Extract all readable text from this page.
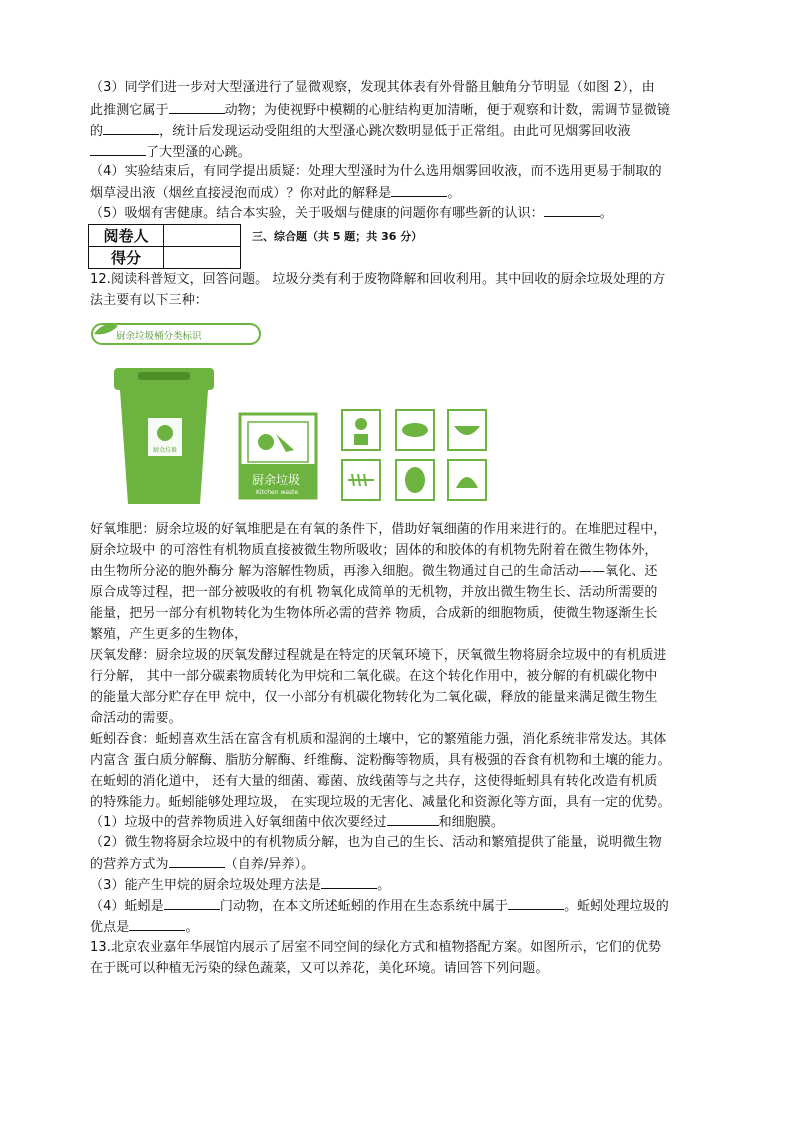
（3）同学们进一步对大型溞进行了显微观察，发现其体表有外骨骼且触角分节明显（如图 2），由
此推测它属于	动物；为使视野中模糊的心脏结构更加清晰，便于观察和计数，需调节显微镜
的	，统计后发现运动受阻组的大型溞心跳次数明显低于正常组。由此可见烟雾回收液
了大型溞的心跳。
（4）实验结束后，有同学提出质疑：处理大型溞时为什么选用烟雾回收液，而不选用更易于制取的
烟草浸出液（烟丝直接浸泡而成）？你对此的解释是	。
（5）吸烟有害健康。结合本实验，关于吸烟与健康的问题你有哪些新的认识：	。
阅卷人	
得分	
三、综合题（共 5 题；共 36 分）
12.阅读科普短文，回答问题。 垃圾分类有利于废物降解和回收利用。其中回收的厨余垃圾处理的方
法主要有以下三种：
厨余垃圾桶分类标识
厨余垃圾
厨余垃圾
Kitchen waste
好氧堆肥：厨余垃圾的好氧堆肥是在有氧的条件下，借助好氧细菌的作用来进行的。在堆肥过程中，
厨余垃圾中 的可溶性有机物质直接被微生物所吸收；固体的和胶体的有机物先附着在微生物体外，
由生物所分泌的胞外酶分 解为溶解性物质，再渗入细胞。微生物通过自己的生命活动——氧化、还
原合成等过程，把一部分被吸收的有机 物氧化成简单的无机物，并放出微生物生长、活动所需要的
能量，把另一部分有机物转化为生物体所必需的营养 物质，合成新的细胞物质，使微生物逐渐生长
繁殖，产生更多的生物体，
厌氧发酵：厨余垃圾的厌氧发酵过程就是在特定的厌氧环境下，厌氧微生物将厨余垃圾中的有机质进
行分解， 其中一部分碳素物质转化为甲烷和二氧化碳。在这个转化作用中，被分解的有机碳化物中
的能量大部分贮存在甲 烷中，仅一小部分有机碳化物转化为二氧化碳，释放的能量来满足微生物生
命活动的需要。
蚯蚓吞食：蚯蚓喜欢生活在富含有机质和湿润的土壤中，它的繁殖能力强，消化系统非常发达。其体
内富含 蛋白质分解酶、脂肪分解酶、纤维酶、淀粉酶等物质，具有极强的吞食有机物和土壤的能力。
在蚯蚓的消化道中， 还有大量的细菌、霉菌、放线菌等与之共存，这使得蚯蚓具有转化改造有机质
的特殊能力。蚯蚓能够处理垃圾， 在实现垃圾的无害化、减量化和资源化等方面，具有一定的优势。
（1）垃圾中的营养物质进入好氧细菌中依次要经过	和细胞膜。
（2）微生物将厨余垃圾中的有机物质分解，也为自己的生长、活动和繁殖提供了能量，说明微生物
的营养方式为	（自养/异养）。
（3）能产生甲烷的厨余垃圾处理方法是	。
（4）蚯蚓是	门动物，在本文所述蚯蚓的作用在生态系统中属于	。蚯蚓处理垃圾的
优点是	。
13.北京农业嘉年华展馆内展示了居室不同空间的绿化方式和植物搭配方案。如图所示，它们的优势
在于既可以种植无污染的绿色蔬菜，又可以养花，美化环境。请回答下列问题。
